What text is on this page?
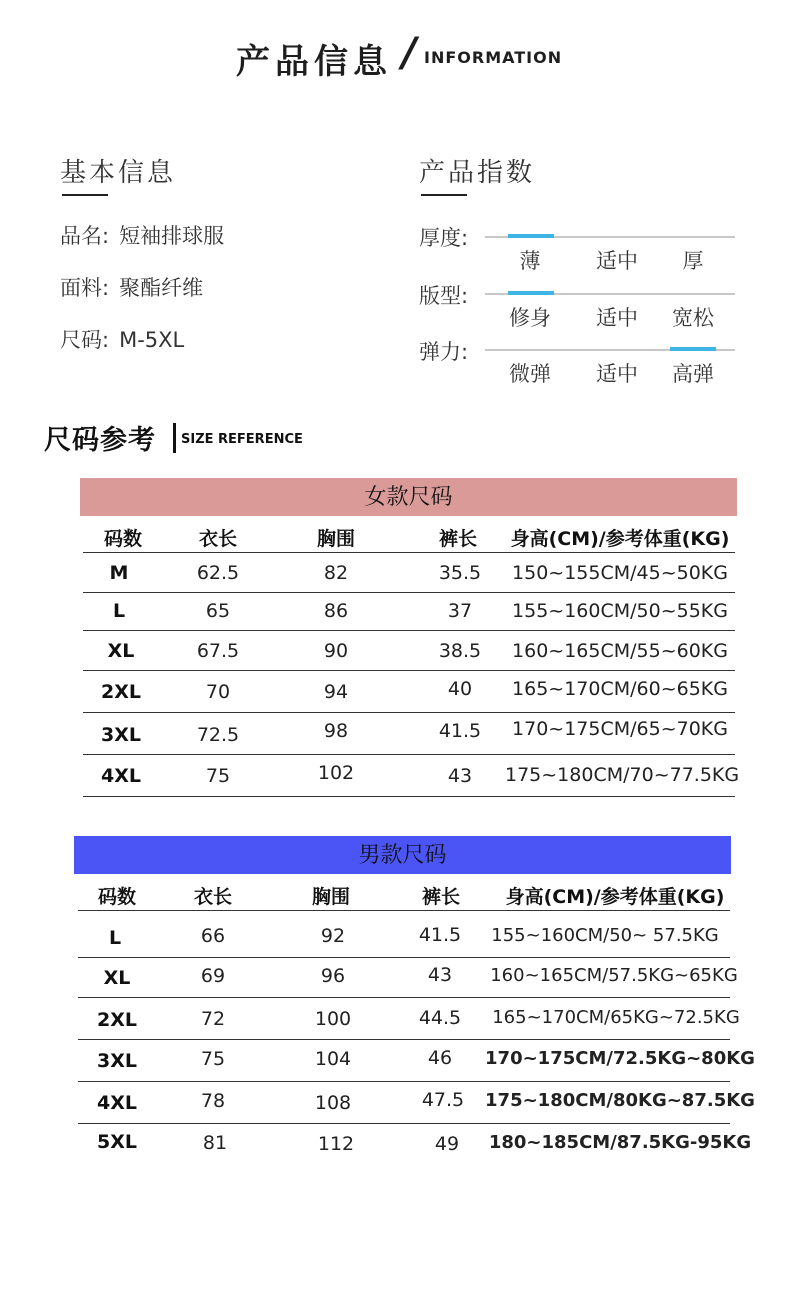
产品信息 / INFORMATION
基本信息
品名: 短袖排球服
面料: 聚酯纤维
尺码: M-5XL
产品指数
厚度:
薄	适中	厚
版型:
修身	适中	宽松
弹力:
微弹	适中	高弹
尺码参考 SIZE REFERENCE
女款尺码
码数	衣长	胸围	裤长	身高(CM)/参考体重(KG)
M	62.5	82	35.5	150~155CM/45~50KG
L	65	86	37	155~160CM/50~55KG
XL	67.5	90	38.5	160~165CM/55~60KG
2XL	70	94	40	165~170CM/60~65KG
3XL	72.5	98	41.5	170~175CM/65~70KG
4XL	75	102	43	175~180CM/70~77.5KG
男款尺码
码数	衣长	胸围	裤长	身高(CM)/参考体重(KG)
L	66	92	41.5	155~160CM/50~ 57.5KG
XL	69	96	43	160~165CM/57.5KG~65KG
2XL	72	100	44.5	165~170CM/65KG~72.5KG
3XL	75	104	46	170~175CM/72.5KG~80KG
4XL	78	108	47.5	175~180CM/80KG~87.5KG
5XL	81	112	49	180~185CM/87.5KG-95KG
